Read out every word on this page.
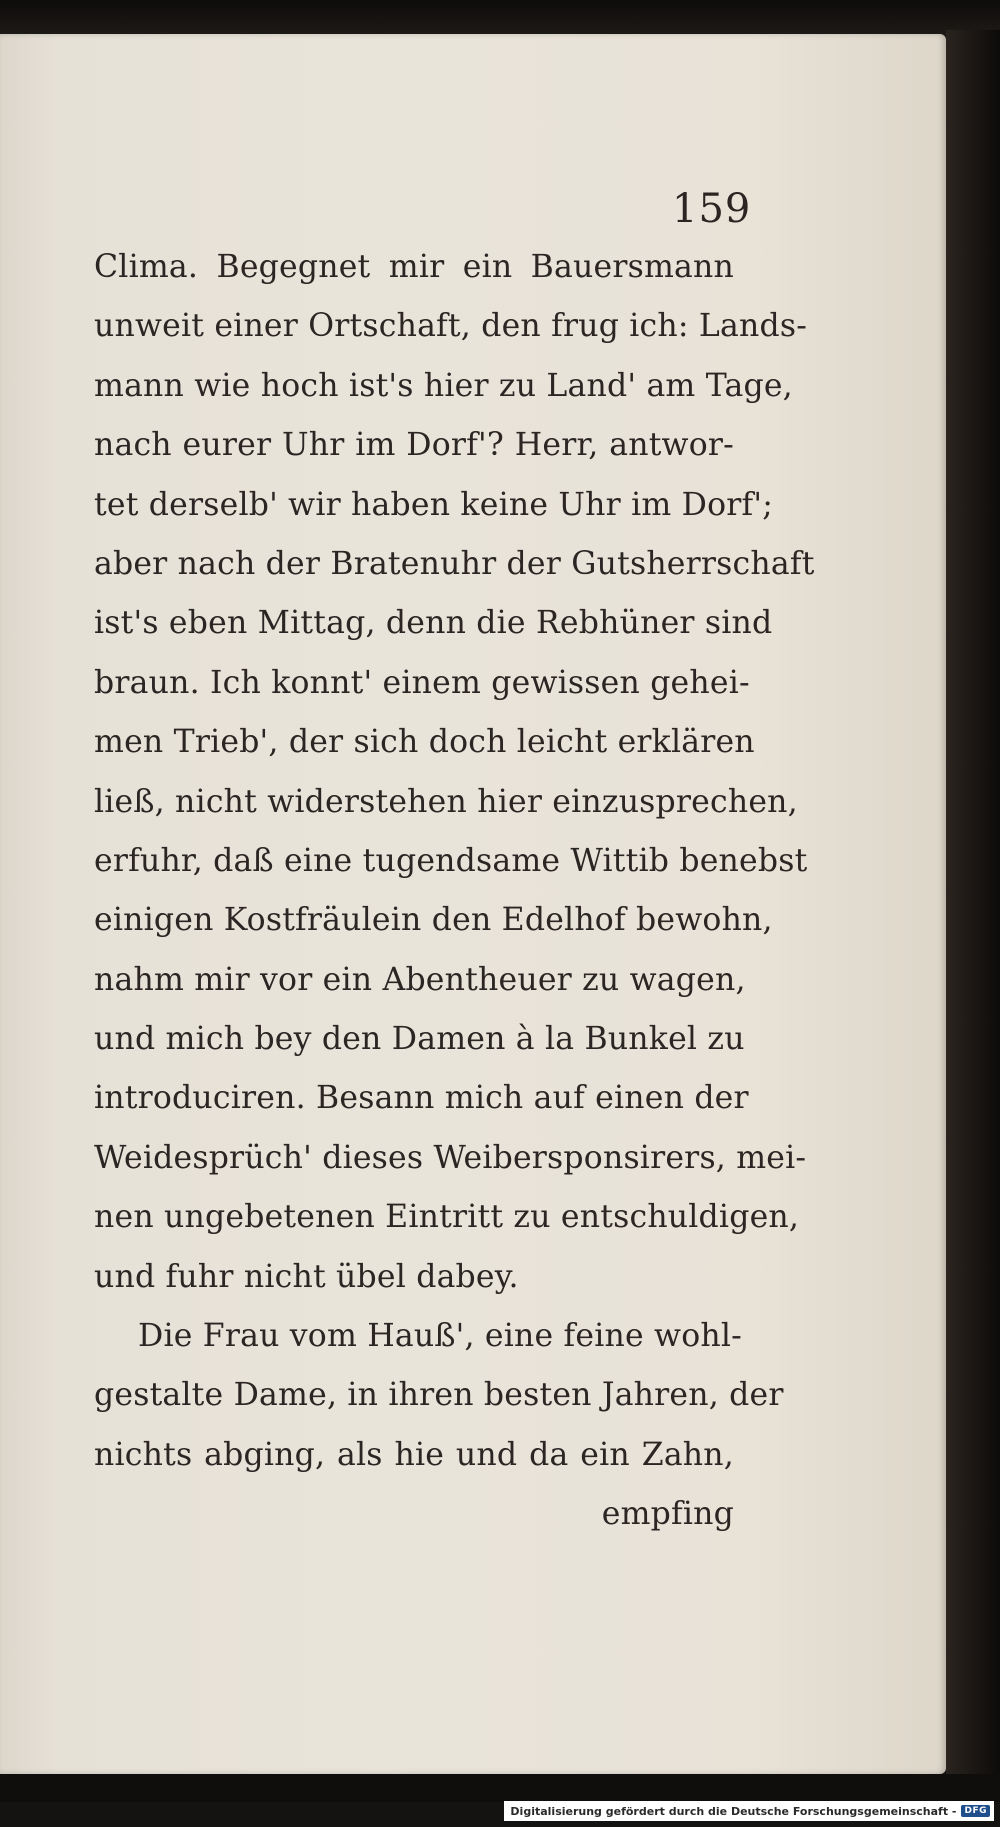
159
Clima. Begegnet mir ein Bauersmann
unweit einer Ortschaft, den frug ich: Lands-
mann wie hoch ist's hier zu Land' am Tage,
nach eurer Uhr im Dorf'? Herr, antwor-
tet derselb' wir haben keine Uhr im Dorf';
aber nach der Bratenuhr der Gutsherrschaft
ist's eben Mittag, denn die Rebhüner sind
braun. Ich konnt' einem gewissen gehei-
men Trieb', der sich doch leicht erklären
ließ, nicht widerstehen hier einzusprechen,
erfuhr, daß eine tugendsame Wittib benebst
einigen Kostfräulein den Edelhof bewohn,
nahm mir vor ein Abentheuer zu wagen,
und mich bey den Damen à la Bunkel zu
introduciren. Besann mich auf einen der
Weidesprüch' dieses Weibersponsirers, mei-
nen ungebetenen Eintritt zu entschuldigen,
und fuhr nicht übel dabey.
Die Frau vom Hauß', eine feine wohl-
gestalte Dame, in ihren besten Jahren, der
nichts abging, als hie und da ein Zahn,
empfing
Digitalisierung gefördert durch die Deutsche Forschungsgemeinschaft - DFG
